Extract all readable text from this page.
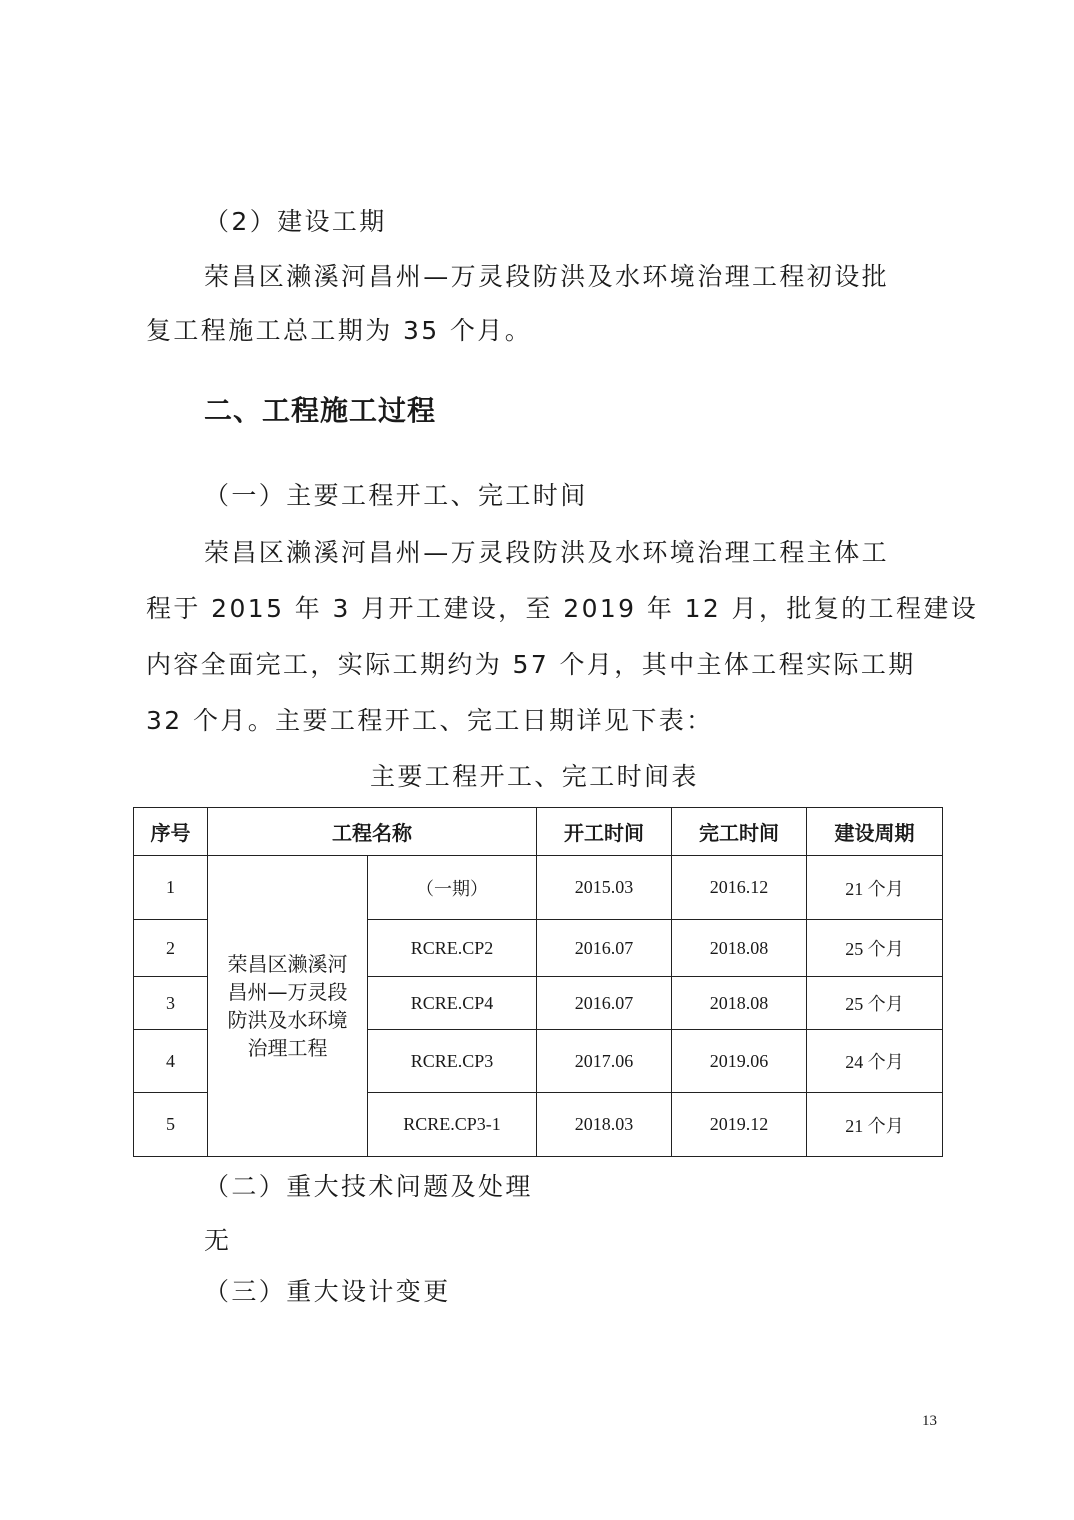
（2）建设工期
荣昌区濑溪河昌州—万灵段防洪及水环境治理工程初设批
复工程施工总工期为 35 个月。
二、工程施工过程
（一）主要工程开工、完工时间
荣昌区濑溪河昌州—万灵段防洪及水环境治理工程主体工
程于 2015 年 3 月开工建设，至 2019 年 12 月，批复的工程建设
内容全面完工，实际工期约为 57 个月，其中主体工程实际工期
32 个月。主要工程开工、完工日期详见下表：
主要工程开工、完工时间表
序号	工程名称		开工时间	完工时间	建设周期
1	荣昌区濑溪河
昌州—万灵段
防洪及水环境
治理工程	（一期）	2015.03	2016.12	21 个月
2		RCRE.CP2	2016.07	2018.08	25 个月
3		RCRE.CP4	2016.07	2018.08	25 个月
4		RCRE.CP3	2017.06	2019.06	24 个月
5		RCRE.CP3-1	2018.03	2019.12	21 个月
（二）重大技术问题及处理
无
（三）重大设计变更
13
